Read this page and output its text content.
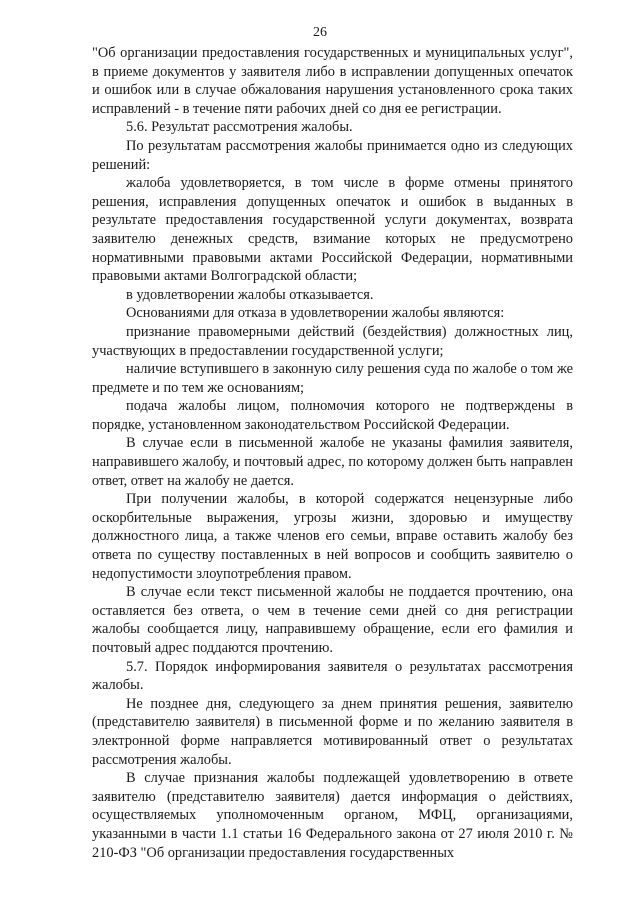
26

"Об организации предоставления государственных и муниципальных услуг", в приеме документов у заявителя либо в исправлении допущенных опечаток и ошибок или в случае обжалования нарушения установленного срока таких исправлений - в течение пяти рабочих дней со дня ее регистрации.

5.6. Результат рассмотрения жалобы.

По результатам рассмотрения жалобы принимается одно из следующих решений:

жалоба удовлетворяется, в том числе в форме отмены принятого решения, исправления допущенных опечаток и ошибок в выданных в результате предоставления государственной услуги документах, возврата заявителю денежных средств, взимание которых не предусмотрено нормативными правовыми актами Российской Федерации, нормативными правовыми актами Волгоградской области;

в удовлетворении жалобы отказывается.

Основаниями для отказа в удовлетворении жалобы являются:

признание правомерными действий (бездействия) должностных лиц, участвующих в предоставлении государственной услуги;

наличие вступившего в законную силу решения суда по жалобе о том же предмете и по тем же основаниям;

подача жалобы лицом, полномочия которого не подтверждены в порядке, установленном законодательством Российской Федерации.

В случае если в письменной жалобе не указаны фамилия заявителя, направившего жалобу, и почтовый адрес, по которому должен быть направлен ответ, ответ на жалобу не дается.

При получении жалобы, в которой содержатся нецензурные либо оскорбительные выражения, угрозы жизни, здоровью и имуществу должностного лица, а также членов его семьи, вправе оставить жалобу без ответа по существу поставленных в ней вопросов и сообщить заявителю о недопустимости злоупотребления правом.

В случае если текст письменной жалобы не поддается прочтению, она оставляется без ответа, о чем в течение семи дней со дня регистрации жалобы сообщается лицу, направившему обращение, если его фамилия и почтовый адрес поддаются прочтению.

5.7. Порядок информирования заявителя о результатах рассмотрения жалобы.

Не позднее дня, следующего за днем принятия решения, заявителю (представителю заявителя) в письменной форме и по желанию заявителя в электронной форме направляется мотивированный ответ о результатах рассмотрения жалобы.

В случае признания жалобы подлежащей удовлетворению в ответе заявителю (представителю заявителя) дается информация о действиях, осуществляемых уполномоченным органом, МФЦ, организациями, указанными в части 1.1 статьи 16 Федерального закона от 27 июля 2010 г. № 210-ФЗ "Об организации предоставления государственных
